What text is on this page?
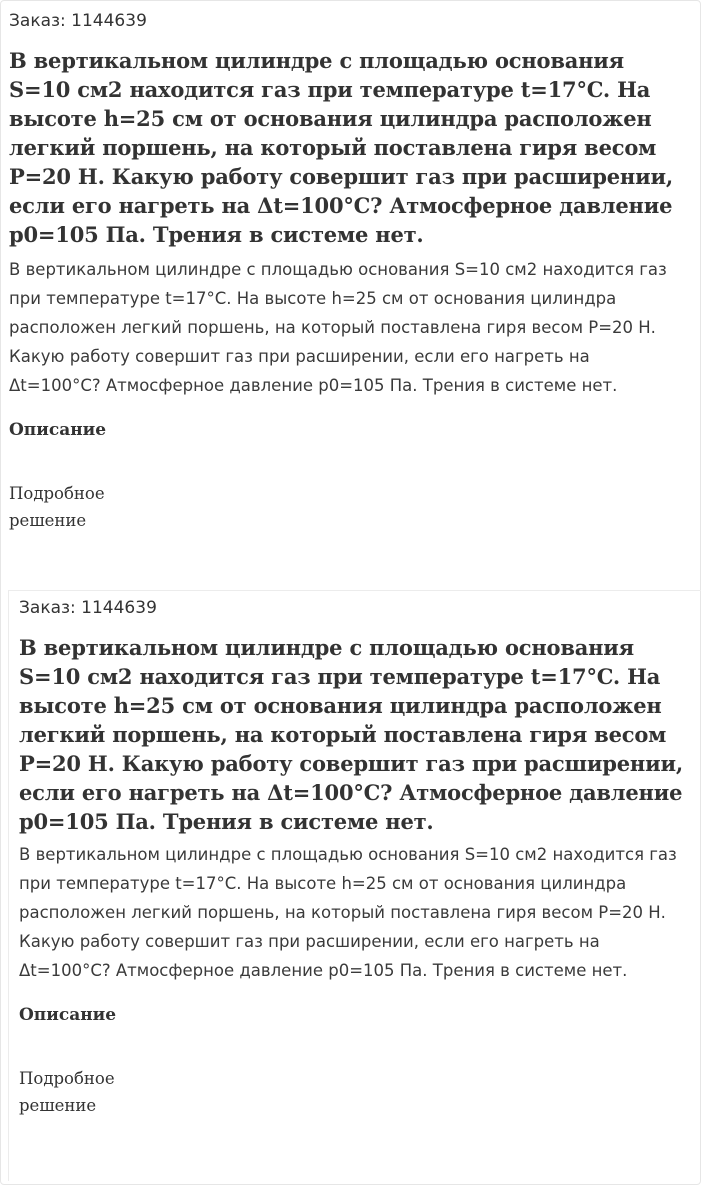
Заказ: 1144639

В вертикальном цилиндре с площадью основания S=10 см2 находится газ при температуре t=17°C. На высоте h=25 см от основания цилиндра расположен легкий поршень, на который поставлена гиря весом P=20 Н. Какую работу совершит газ при расширении, если его нагреть на Δt=100°C? Атмосферное давление p0=105 Па. Трения в системе нет.

В вертикальном цилиндре с площадью основания S=10 см2 находится газ при температуре t=17°C. На высоте h=25 см от основания цилиндра расположен легкий поршень, на который поставлена гиря весом P=20 Н. Какую работу совершит газ при расширении, если его нагреть на Δt=100°C? Атмосферное давление p0=105 Па. Трения в системе нет.

Описание

Подробное решение

Заказ: 1144639

В вертикальном цилиндре с площадью основания S=10 см2 находится газ при температуре t=17°C. На высоте h=25 см от основания цилиндра расположен легкий поршень, на который поставлена гиря весом P=20 Н. Какую работу совершит газ при расширении, если его нагреть на Δt=100°C? Атмосферное давление p0=105 Па. Трения в системе нет.

В вертикальном цилиндре с площадью основания S=10 см2 находится газ при температуре t=17°C. На высоте h=25 см от основания цилиндра расположен легкий поршень, на который поставлена гиря весом P=20 Н. Какую работу совершит газ при расширении, если его нагреть на Δt=100°C? Атмосферное давление p0=105 Па. Трения в системе нет.

Описание

Подробное решение
